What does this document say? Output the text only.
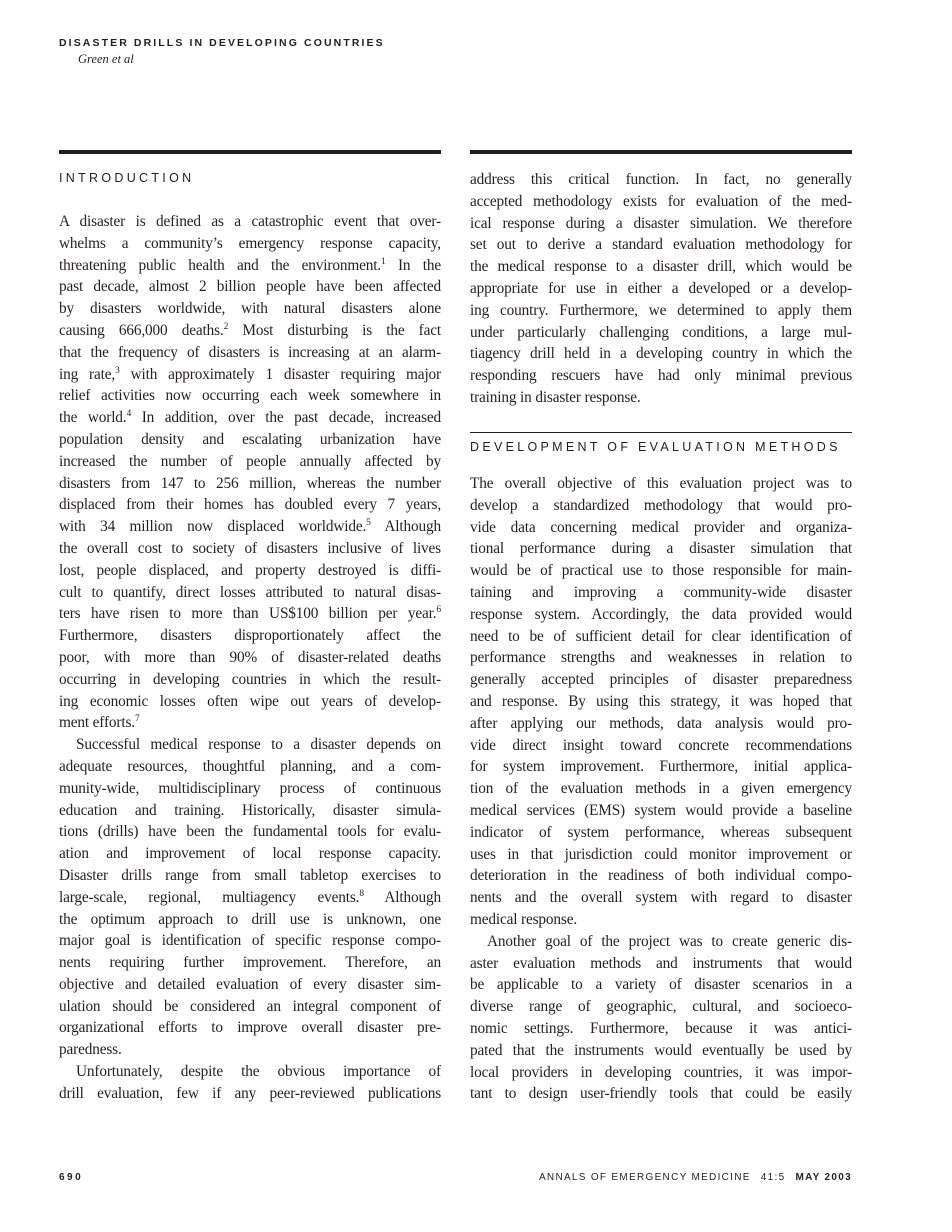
DISASTER DRILLS IN DEVELOPING COUNTRIES
Green et al
INTRODUCTION
A disaster is defined as a catastrophic event that over-
whelms a community’s emergency response capacity,
threatening public health and the environment.$^1$ In the
past decade, almost 2 billion people have been affected
by disasters worldwide, with natural disasters alone
causing 666,000 deaths.$^2$ Most disturbing is the fact
that the frequency of disasters is increasing at an alarm-
ing rate,$^3$ with approximately 1 disaster requiring major
relief activities now occurring each week somewhere in
the world.$^4$ In addition, over the past decade, increased
population density and escalating urbanization have
increased the number of people annually affected by
disasters from 147 to 256 million, whereas the number
displaced from their homes has doubled every 7 years,
with 34 million now displaced worldwide.$^5$ Although
the overall cost to society of disasters inclusive of lives
lost, people displaced, and property destroyed is diffi-
cult to quantify, direct losses attributed to natural disas-
ters have risen to more than US$100 billion per year.$^6$
Furthermore, disasters disproportionately affect the
poor, with more than 90% of disaster-related deaths
occurring in developing countries in which the result-
ing economic losses often wipe out years of develop-
ment efforts.$^7$
Successful medical response to a disaster depends on
adequate resources, thoughtful planning, and a com-
munity-wide, multidisciplinary process of continuous
education and training. Historically, disaster simula-
tions (drills) have been the fundamental tools for evalu-
ation and improvement of local response capacity.
Disaster drills range from small tabletop exercises to
large-scale, regional, multiagency events.$^8$ Although
the optimum approach to drill use is unknown, one
major goal is identification of specific response compo-
nents requiring further improvement. Therefore, an
objective and detailed evaluation of every disaster sim-
ulation should be considered an integral component of
organizational efforts to improve overall disaster pre-
paredness.
Unfortunately, despite the obvious importance of
drill evaluation, few if any peer-reviewed publications
address this critical function. In fact, no generally
accepted methodology exists for evaluation of the med-
ical response during a disaster simulation. We therefore
set out to derive a standard evaluation methodology for
the medical response to a disaster drill, which would be
appropriate for use in either a developed or a develop-
ing country. Furthermore, we determined to apply them
under particularly challenging conditions, a large mul-
tiagency drill held in a developing country in which the
responding rescuers have had only minimal previous
training in disaster response.
DEVELOPMENT OF EVALUATION METHODS
The overall objective of this evaluation project was to
develop a standardized methodology that would pro-
vide data concerning medical provider and organiza-
tional performance during a disaster simulation that
would be of practical use to those responsible for main-
taining and improving a community-wide disaster
response system. Accordingly, the data provided would
need to be of sufficient detail for clear identification of
performance strengths and weaknesses in relation to
generally accepted principles of disaster preparedness
and response. By using this strategy, it was hoped that
after applying our methods, data analysis would pro-
vide direct insight toward concrete recommendations
for system improvement. Furthermore, initial applica-
tion of the evaluation methods in a given emergency
medical services (EMS) system would provide a baseline
indicator of system performance, whereas subsequent
uses in that jurisdiction could monitor improvement or
deterioration in the readiness of both individual compo-
nents and the overall system with regard to disaster
medical response.
Another goal of the project was to create generic dis-
aster evaluation methods and instruments that would
be applicable to a variety of disaster scenarios in a
diverse range of geographic, cultural, and socioeco-
nomic settings. Furthermore, because it was antici-
pated that the instruments would eventually be used by
local providers in developing countries, it was impor-
tant to design user-friendly tools that could be easily
690	ANNALS OF EMERGENCY MEDICINE 41:5 MAY 2003
